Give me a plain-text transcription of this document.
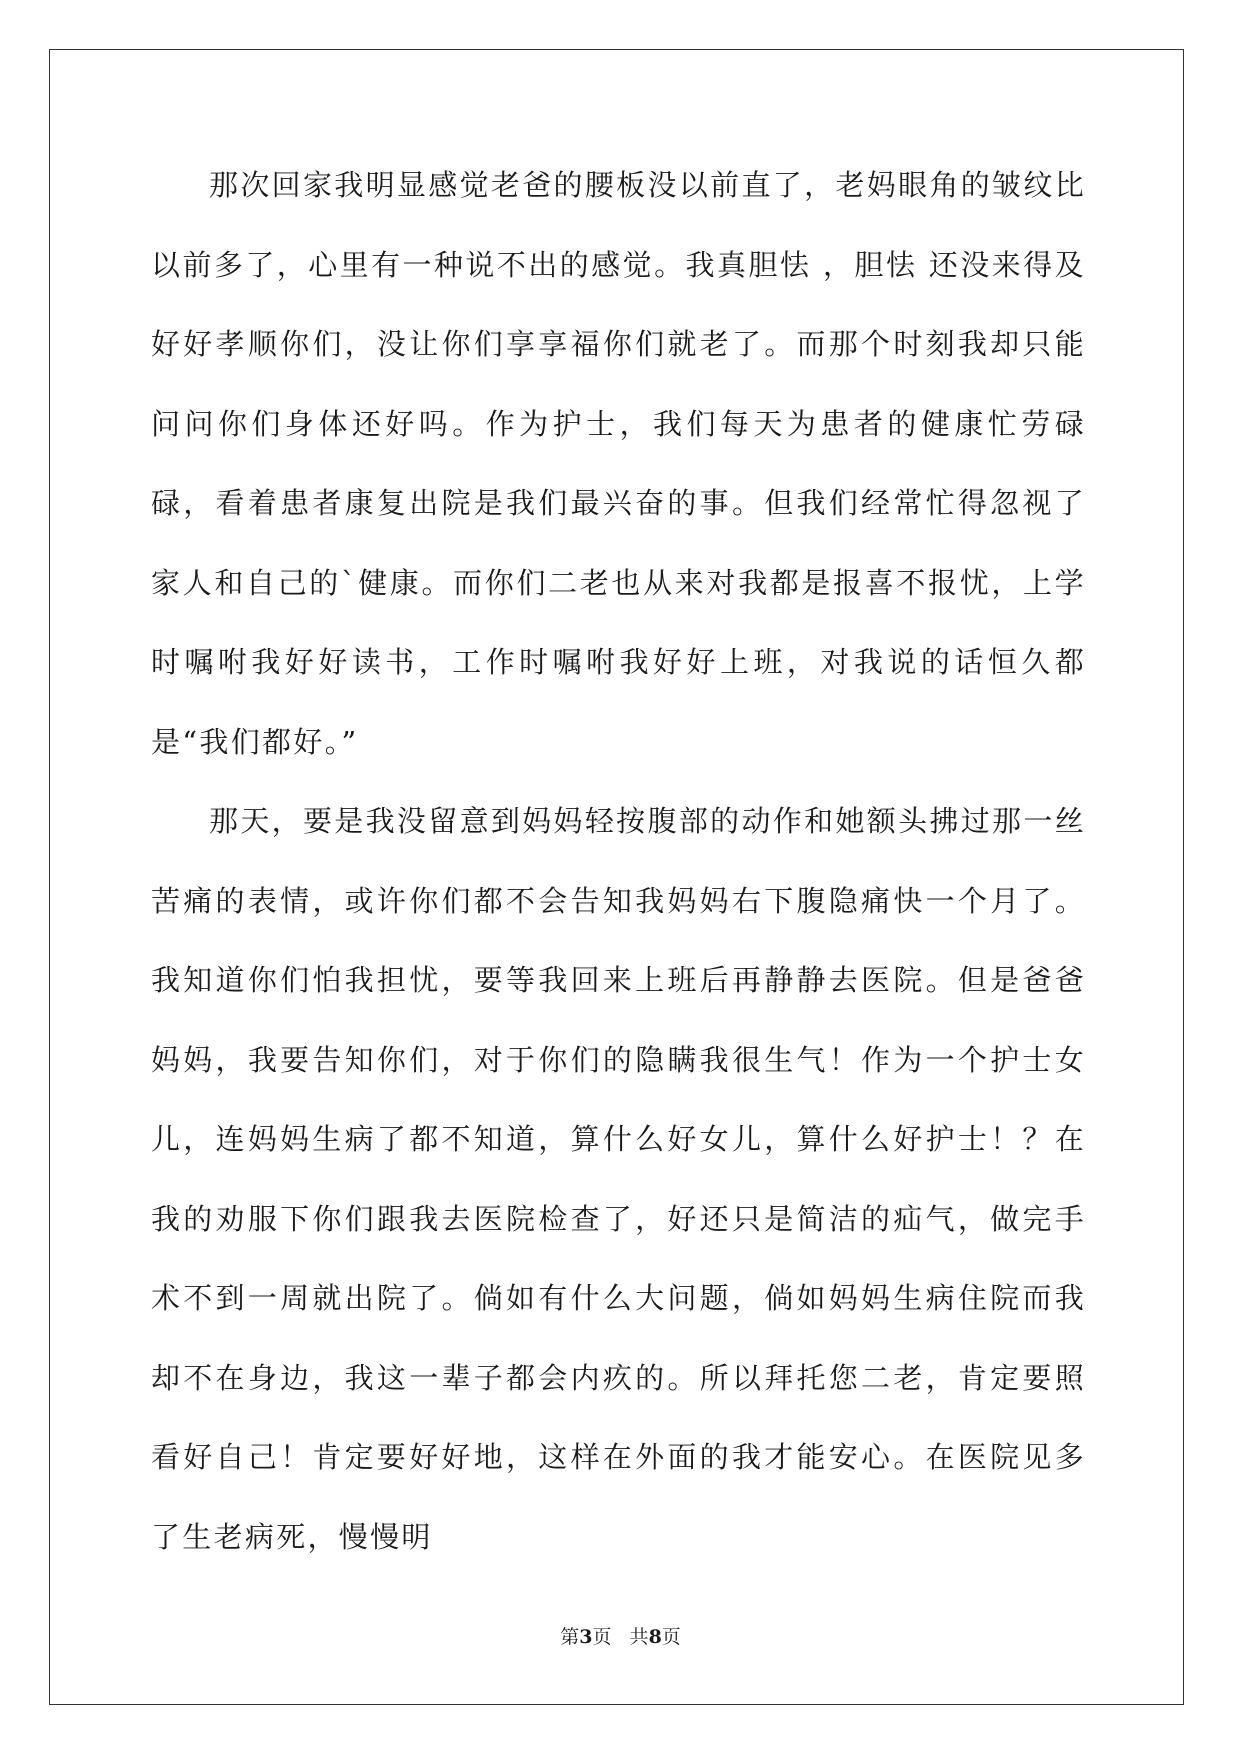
那次回家我明显感觉老爸的腰板没以前直了，老妈眼角的皱纹比以前多了，心里有一种说不出的感觉。我真胆怯 ，胆怯 还没来得及好好孝顺你们，没让你们享享福你们就老了。而那个时刻我却只能问问你们身体还好吗。作为护士，我们每天为患者的健康忙劳碌碌，看着患者康复出院是我们最兴奋的事。但我们经常忙得忽视了家人和自己的`健康。而你们二老也从来对我都是报喜不报忧，上学时嘱咐我好好读书，工作时嘱咐我好好上班，对我说的话恒久都是“我们都好。”

那天，要是我没留意到妈妈轻按腹部的动作和她额头拂过那一丝苦痛的表情，或许你们都不会告知我妈妈右下腹隐痛快一个月了。我知道你们怕我担忧，要等我回来上班后再静静去医院。但是爸爸妈妈，我要告知你们，对于你们的隐瞒我很生气！作为一个护士女儿，连妈妈生病了都不知道，算什么好女儿，算什么好护士！？在我的劝服下你们跟我去医院检查了，好还只是简洁的疝气，做完手术不到一周就出院了。倘如有什么大问题，倘如妈妈生病住院而我却不在身边，我这一辈子都会内疚的。所以拜托您二老，肯定要照看好自己！肯定要好好地，这样在外面的我才能安心。在医院见多了生老病死，慢慢明

第3页   共8页
